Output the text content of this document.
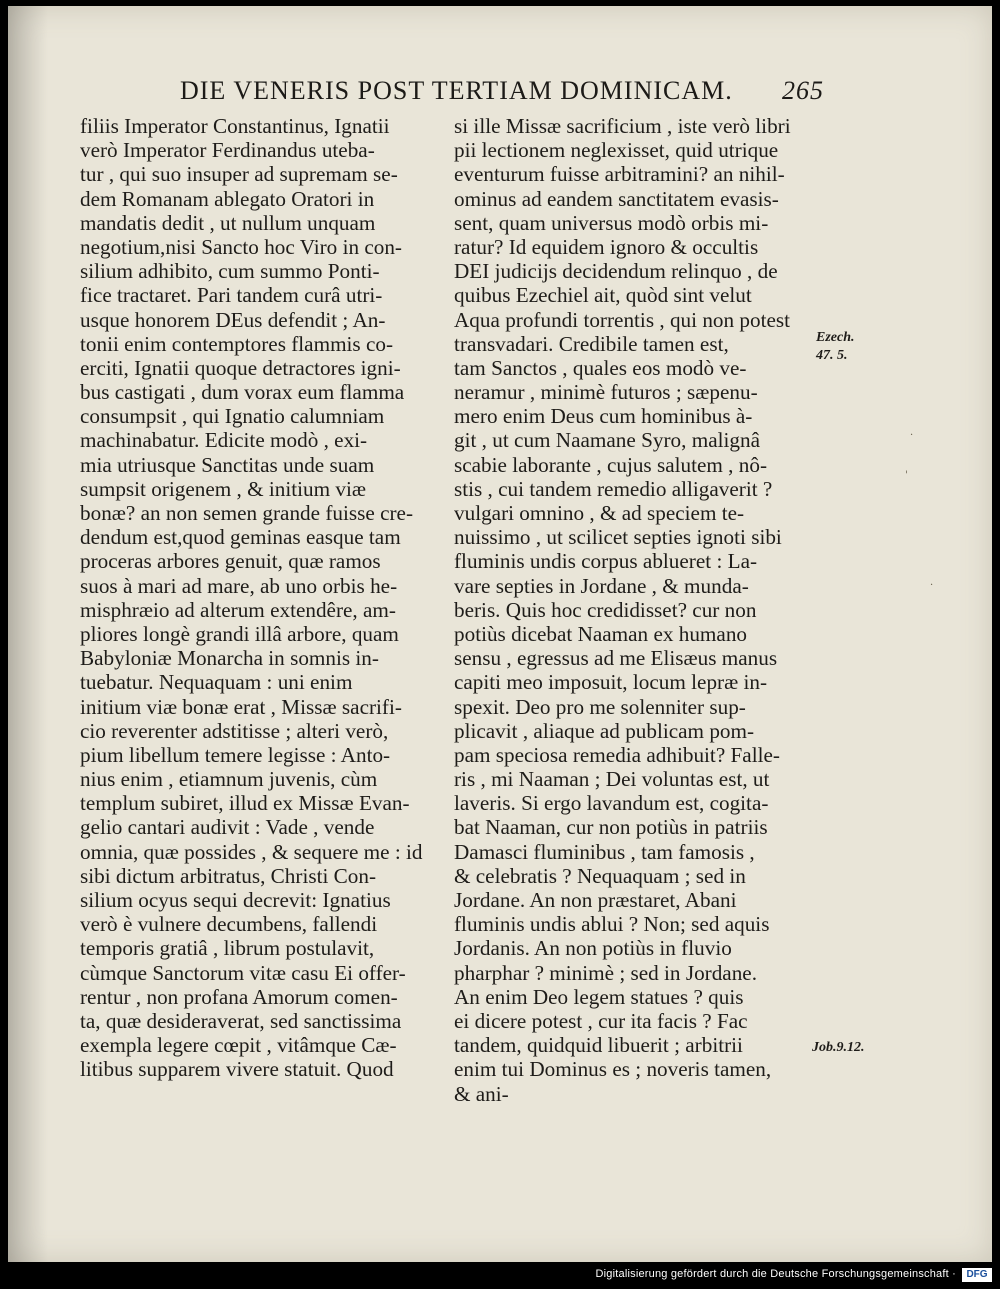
DIE VENERIS POST TERTIAM DOMINICAM. 265
filiis Imperator Constantinus, Ignatii
verò Imperator Ferdinandus uteba-
tur , qui suo insuper ad supremam se-
dem Romanam ablegato Oratori in
mandatis dedit , ut nullum unquam
negotium,nisi Sancto hoc Viro in con-
silium adhibito, cum summo Ponti-
fice tractaret. Pari tandem curâ utri-
usque honorem DEus defendit ; An-
tonii enim contemptores flammis co-
erciti, Ignatii quoque detractores igni-
bus castigati , dum vorax eum flamma
consumpsit , qui Ignatio calumniam
machinabatur. Edicite modò , exi-
mia utriusque Sanctitas unde suam
sumpsit origenem , & initium viæ
bonæ? an non semen grande fuisse cre-
dendum est,quod geminas easque tam
proceras arbores genuit, quæ ramos
suos à mari ad mare, ab uno orbis he-
misphræio ad alterum extendêre, am-
pliores longè grandi illâ arbore, quam
Babyloniæ Monarcha in somnis in-
tuebatur. Nequaquam : uni enim
initium viæ bonæ erat , Missæ sacrifi-
cio reverenter adstitisse ; alteri verò,
pium libellum temere legisse : Anto-
nius enim , etiamnum juvenis, cùm
templum subiret, illud ex Missæ Evan-
gelio cantari audivit : Vade , vende
omnia, quæ possides , & sequere me : id
sibi dictum arbitratus, Christi Con-
silium ocyus sequi decrevit: Ignatius
verò è vulnere decumbens, fallendi
temporis gratiâ , librum postulavit,
cùmque Sanctorum vitæ casu Ei offer-
rentur , non profana Amorum comen-
ta, quæ desideraverat, sed sanctissima
exempla legere cœpit , vitâmque Cæ-
litibus supparem vivere statuit. Quod
si ille Missæ sacrificium , iste verò libri
pii lectionem neglexisset, quid utrique
eventurum fuisse arbitramini? an nihil-
ominus ad eandem sanctitatem evasis-
sent, quam universus modò orbis mi-
ratur? Id equidem ignoro & occultis
DEI judicijs decidendum relinquo , de
quibus Ezechiel ait, quòd sint velut
Aqua profundi torrentis , qui non potest
transvadari. Credibile tamen est,
tam Sanctos , quales eos modò ve-
neramur , minimè futuros ; sæpenu-
mero enim Deus cum hominibus à-
git , ut cum Naamane Syro, malignâ
scabie laborante , cujus salutem , nô-
stis , cui tandem remedio alligaverit ?
vulgari omnino , & ad speciem te-
nuissimo , ut scilicet septies ignoti sibi
fluminis undis corpus ablueret : La-
vare septies in Jordane , & munda-
beris. Quis hoc credidisset? cur non
potiùs dicebat Naaman ex humano
sensu , egressus ad me Elisæus manus
capiti meo imposuit, locum lepræ in-
spexit. Deo pro me solenniter sup-
plicavit , aliaque ad publicam pom-
pam speciosa remedia adhibuit? Falle-
ris , mi Naaman ; Dei voluntas est, ut
laveris. Si ergo lavandum est, cogita-
bat Naaman, cur non potiùs in patriis
Damasci fluminibus , tam famosis ,
& celebratis ? Nequaquam ; sed in
Jordane. An non præstaret, Abani
fluminis undis ablui ? Non; sed aquis
Jordanis. An non potiùs in fluvio
pharphar ? minimè ; sed in Jordane.
An enim Deo legem statues ? quis
ei dicere potest , cur ita facis ? Fac
tandem, quidquid libuerit ; arbitrii
enim tui Dominus es ; noveris tamen,
& ani-
Ezech.
47. 5.
Job.9.12.
·
·
'
Digitalisierung gefördert durch die Deutsche Forschungsgemeinschaft ·	DFG
